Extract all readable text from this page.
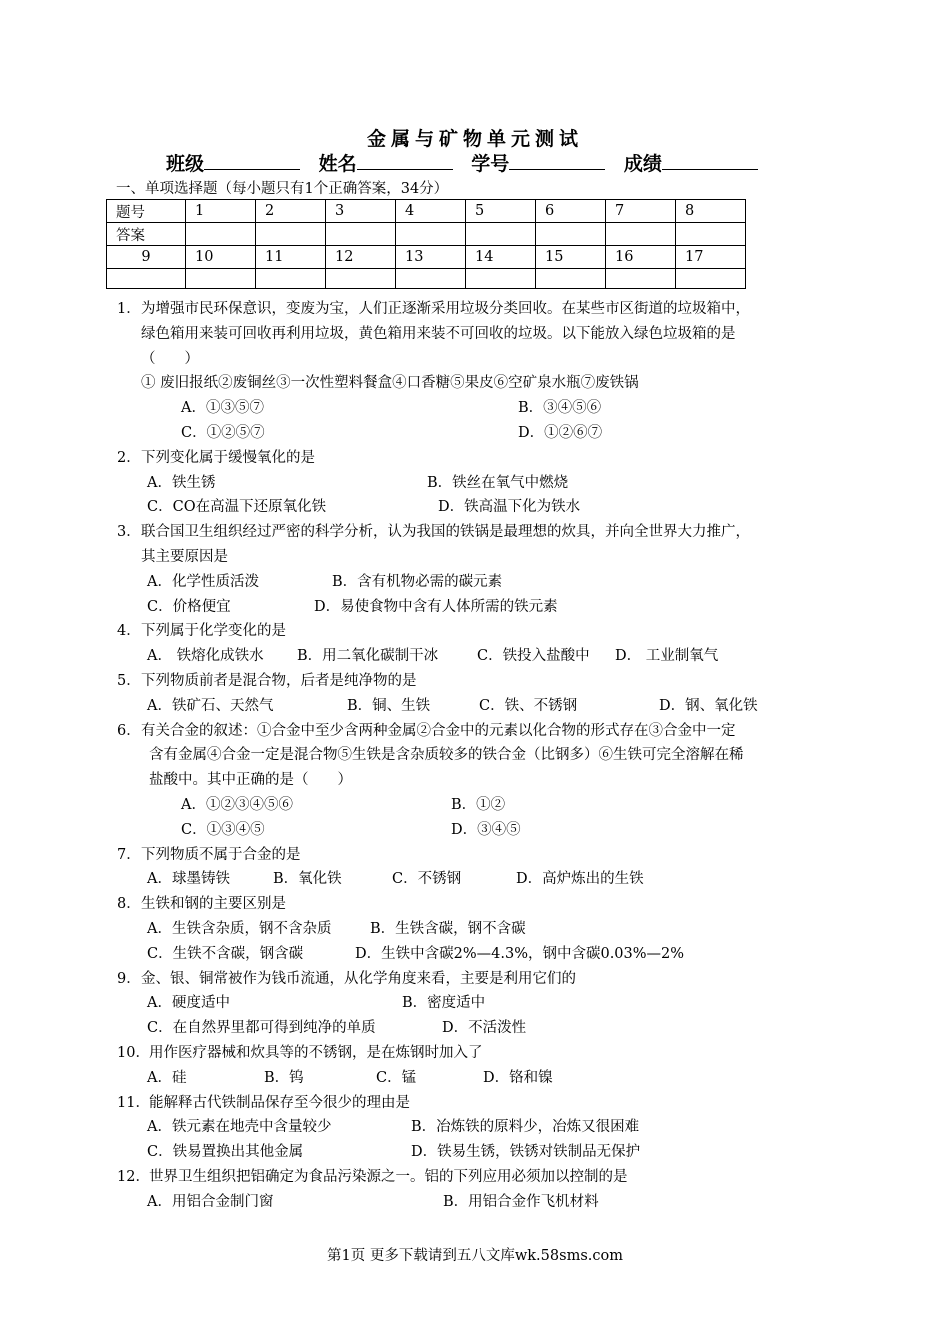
金属与矿物单元测试
班级	姓名	学号	成绩
一、单项选择题（每小题只有1个正确答案，34分）
题号	1	2	3	4	5	6	7	8
答案								
9	10	11	12	13	14	15	16	17

1． 为增强市民环保意识，变废为宝，人们正逐渐采用垃圾分类回收。在某些市区街道的垃圾箱中，
绿色箱用来装可回收再利用垃圾，黄色箱用来装不可回收的垃圾。以下能放入绿色垃圾箱的是
（　　）
① 废旧报纸②废铜丝③一次性塑料餐盒④口香糖⑤果皮⑥空矿泉水瓶⑦废铁锅
A．①③⑤⑦	B．③④⑤⑥
C．①②⑤⑦	D．①②⑥⑦
2． 下列变化属于缓慢氧化的是
A．铁生锈	B．铁丝在氧气中燃烧
C．CO在高温下还原氧化铁	D．铁高温下化为铁水
3． 联合国卫生组织经过严密的科学分析，认为我国的铁锅是最理想的炊具，并向全世界大力推广，
其主要原因是
A．化学性质活泼	B．含有机物必需的碳元素
C．价格便宜	D．易使食物中含有人体所需的铁元素
4． 下列属于化学变化的是
A． 铁熔化成铁水	B．用二氧化碳制干冰	C．铁投入盐酸中	D． 工业制氧气
5． 下列物质前者是混合物，后者是纯净物的是
A．铁矿石、天然气	B．铜、生铁	C．铁、不锈钢	D．钢、氧化铁
6． 有关合金的叙述：①合金中至少含两种金属②合金中的元素以化合物的形式存在③合金中一定
含有金属④合金一定是混合物⑤生铁是含杂质较多的铁合金（比钢多）⑥生铁可完全溶解在稀
盐酸中。其中正确的是（　　）
A．①②③④⑤⑥	B．①②
C．①③④⑤	D．③④⑤
7． 下列物质不属于合金的是
A．球墨铸铁	B．氧化铁	C．不锈钢	D．高炉炼出的生铁
8． 生铁和钢的主要区别是
A．生铁含杂质，钢不含杂质	B．生铁含碳，钢不含碳
C．生铁不含碳，钢含碳	D．生铁中含碳2%—4.3%，钢中含碳0.03%—2%
9． 金、银、铜常被作为钱币流通，从化学角度来看，主要是利用它们的
A．硬度适中	B．密度适中
C．在自然界里都可得到纯净的单质	D．不活泼性
10． 用作医疗器械和炊具等的不锈钢，是在炼钢时加入了
A．硅	B．钨	C．锰	D．铬和镍
11． 能解释古代铁制品保存至今很少的理由是
A．铁元素在地壳中含量较少	B．冶炼铁的原料少，冶炼又很困难
C．铁易置换出其他金属	D．铁易生锈，铁锈对铁制品无保护
12． 世界卫生组织把铝确定为食品污染源之一。铝的下列应用必须加以控制的是
A．用铝合金制门窗	B．用铝合金作飞机材料
第1页 更多下载请到五八文库wk.58sms.com
